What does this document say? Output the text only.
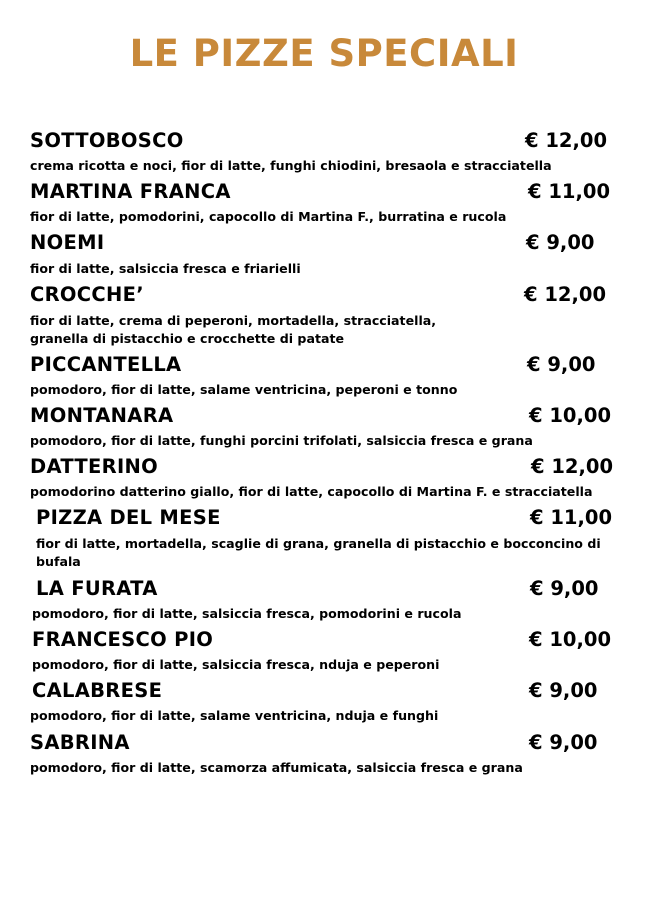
LE PIZZE SPECIALI
SOTTOBOSCO	€ 12,00
crema ricotta e noci, fior di latte, funghi chiodini, bresaola e stracciatella
MARTINA FRANCA	€ 11,00
fior di latte, pomodorini, capocollo di Martina F., burratina e rucola
NOEMI	€ 9,00
fior di latte, salsiccia fresca e friarielli
CROCCHE’	€ 12,00
fior di latte, crema di peperoni, mortadella, stracciatella,
granella di pistacchio e crocchette di patate
PICCANTELLA	€ 9,00
pomodoro, fior di latte, salame ventricina, peperoni e tonno
MONTANARA	€ 10,00
pomodoro, fior di latte, funghi porcini trifolati, salsiccia fresca e grana
DATTERINO	€ 12,00
pomodorino datterino giallo, fior di latte, capocollo di Martina F. e stracciatella
PIZZA DEL MESE	€ 11,00
fior di latte, mortadella, scaglie di grana, granella di pistacchio e bocconcino di
bufala
LA FURATA	€ 9,00
pomodoro, fior di latte, salsiccia fresca, pomodorini e rucola
FRANCESCO PIO	€ 10,00
pomodoro, fior di latte, salsiccia fresca, nduja e peperoni
CALABRESE	€ 9,00
pomodoro, fior di latte, salame ventricina, nduja e funghi
SABRINA	€ 9,00
pomodoro, fior di latte, scamorza affumicata, salsiccia fresca e grana
